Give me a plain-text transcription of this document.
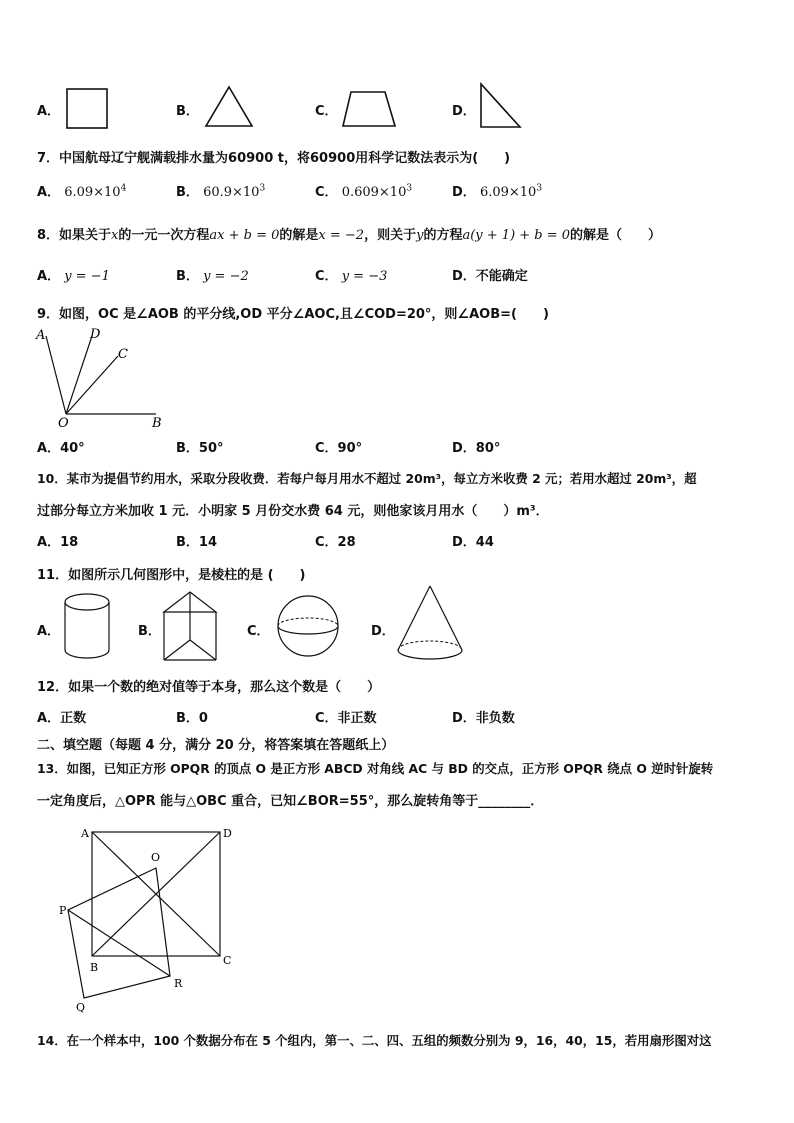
A．	B．	C．	D．
7．中国航母辽宁舰满载排水量为60900 t，将60900用科学记数法表示为(　　)
A． $6.09\times 10^4$	B． $60.9\times 10^3$	C． $0.609\times 10^3$	D． $6.09\times 10^3$
8．如果关于x的一元一次方程ax + b = 0的解是x = −2，则关于y的方程a(y + 1) + b = 0的解是（　　）
A． y = −1	B． y = −2	C． y = −3	D．不能确定
9．如图，OC 是∠AOB 的平分线,OD 平分∠AOC,且∠COD=20°，则∠AOB=(　　)
A	D
C
O	B
A．40°	B．50°	C．90°	D．80°
10．某市为提倡节约用水，采取分段收费．若每户每月用水不超过 20m³，每立方米收费 2 元；若用水超过 20m³，超
过部分每立方米加收 1 元．小明家 5 月份交水费 64 元，则他家该月用水（　　）m³．
A．18	B．14	C．28	D．44
11．如图所示几何图形中，是棱柱的是 (　　)
A．	B．	C．	D．
12．如果一个数的绝对值等于本身，那么这个数是（　　）
A．正数	B．0	C．非正数	D．非负数
二、填空题（每题 4 分，满分 20 分，将答案填在答题纸上）
13．如图，已知正方形 OPQR 的顶点 O 是正方形 ABCD 对角线 AC 与 BD 的交点，正方形 OPQR 绕点 O 逆时针旋转
一定角度后，△OPR 能与△OBC 重合，已知∠BOR=55°，那么旋转角等于________．
A	D
O
P
B
C
R
Q
14．在一个样本中，100 个数据分布在 5 个组内，第一、二、四、五组的频数分别为 9，16，40，15，若用扇形图对这
